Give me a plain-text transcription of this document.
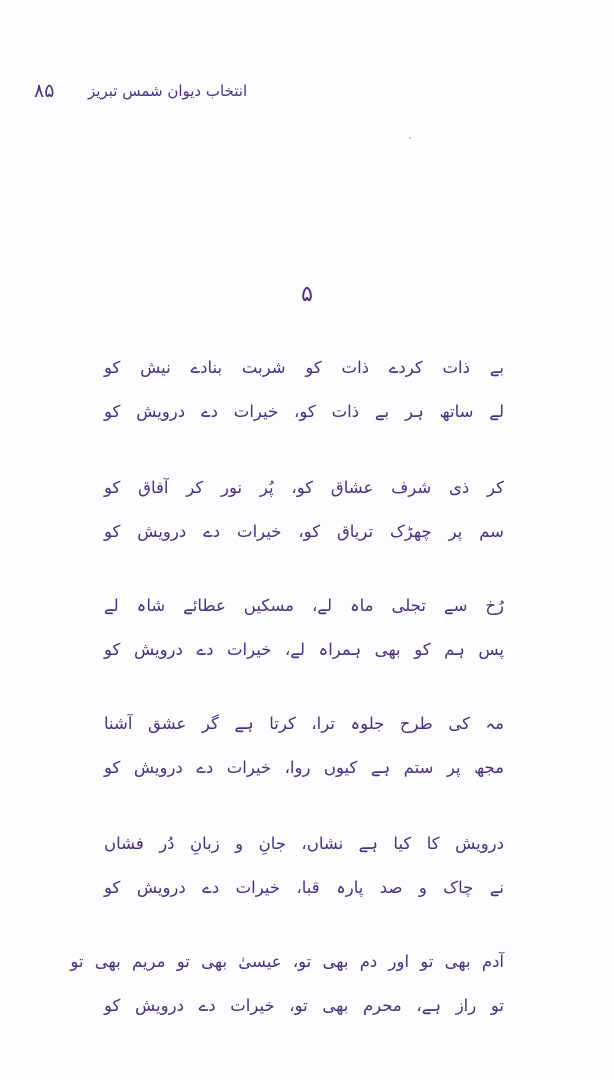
۸۵ انتخاب دیوان شمس تبریز
۵
بے ذات کردے ذات کو شربت بنادے نیش کو
لے ساتھ ہر بے ذات کو، خیرات دے درویش کو
کر ذی شرف عشاق کو، پُر نور کر آفاق کو
سم پر چھڑک تریاق کو، خیرات دے درویش کو
رُخ سے تجلی ماہ لے، مسکیں عطائے شاہ لے
پس ہم کو بھی ہمراہ لے، خیرات دے درویش کو
مہ کی طرح جلوہ ترا، کرتا ہے گر عشق آشنا
مجھ پر ستم ہے کیوں روا، خیرات دے درویش کو
درویش کا کیا ہے نشاں، جانِ و زبانِ دُر فشاں
نے چاک و صد پارہ قبا، خیرات دے درویش کو
آدم بھی تو اور دم بھی تو، عیسیٰ بھی تو مریم بھی تو
تو راز ہے، محرم بھی تو، خیرات دے درویش کو
